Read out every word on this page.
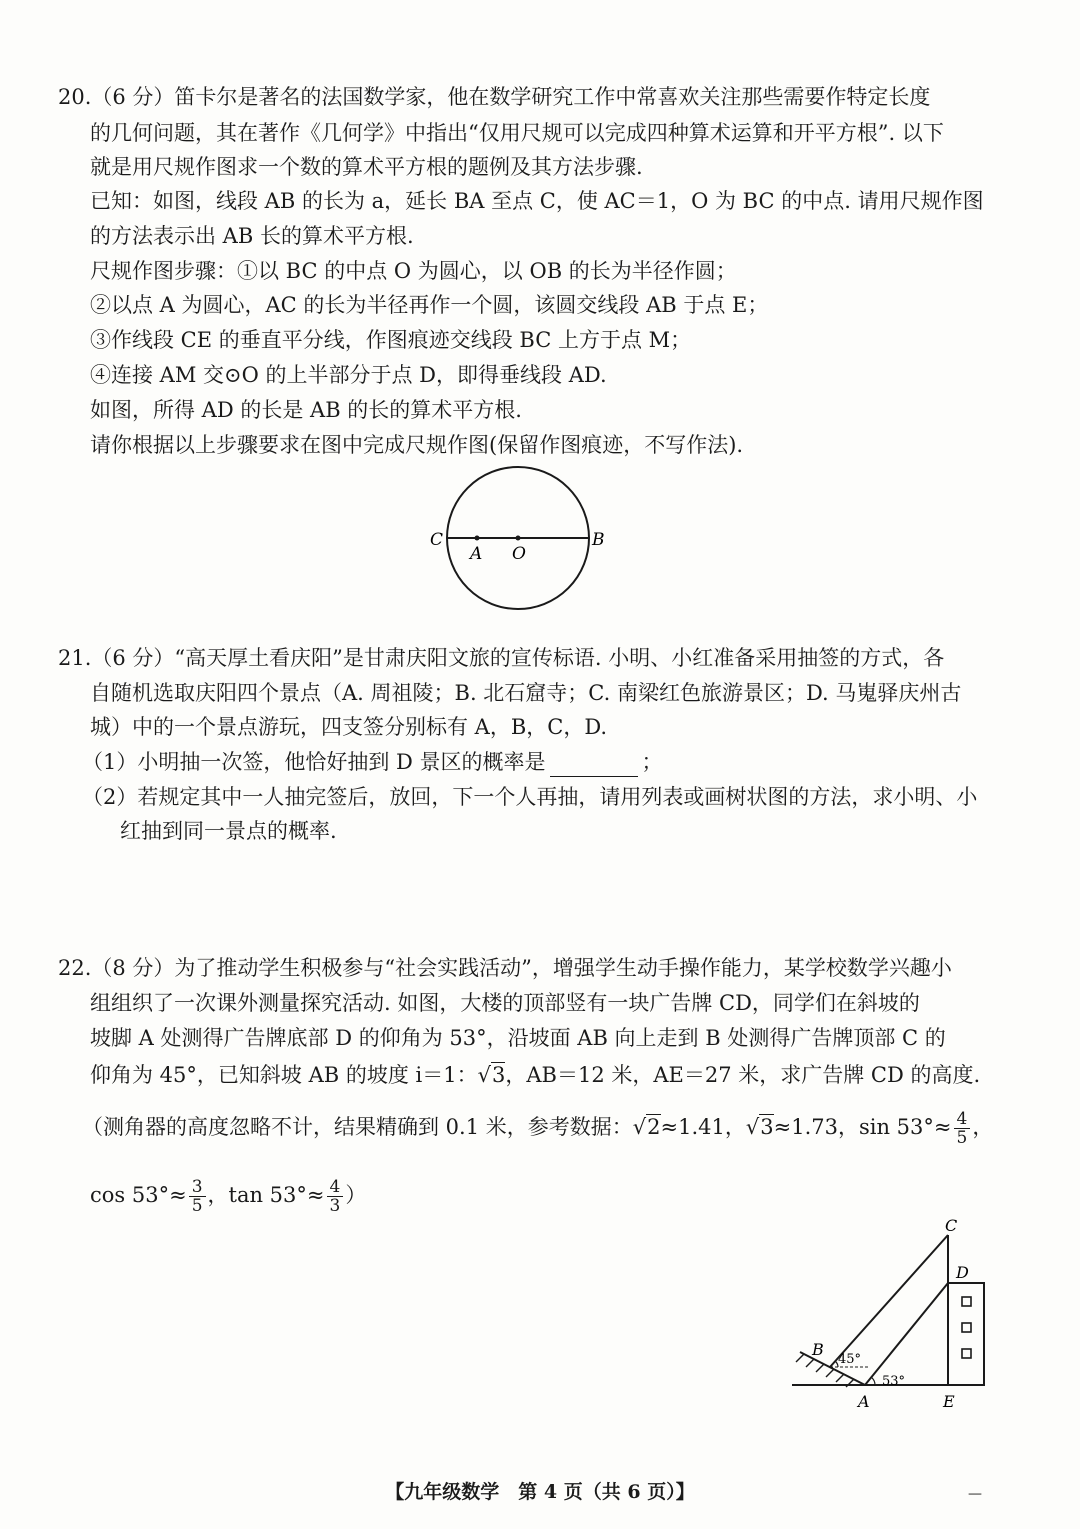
20.（6 分）笛卡尔是著名的法国数学家，他在数学研究工作中常喜欢关注那些需要作特定长度
的几何问题，其在著作《几何学》中指出“仅用尺规可以完成四种算术运算和开平方根”. 以下
就是用尺规作图求一个数的算术平方根的题例及其方法步骤.
已知：如图，线段 AB 的长为 a，延长 BA 至点 C，使 AC＝1，O 为 BC 的中点. 请用尺规作图
的方法表示出 AB 长的算术平方根.
尺规作图步骤：①以 BC 的中点 O 为圆心，以 OB 的长为半径作圆；
②以点 A 为圆心，AC 的长为半径再作一个圆，该圆交线段 AB 于点 E；
③作线段 CE 的垂直平分线，作图痕迹交线段 BC 上方于点 M；
④连接 AM 交⊙O 的上半部分于点 D，即得垂线段 AD.
如图，所得 AD 的长是 AB 的长的算术平方根.
请你根据以上步骤要求在图中完成尺规作图(保留作图痕迹，不写作法).
C
A O
B
21.（6 分）“高天厚土看庆阳”是甘肃庆阳文旅的宣传标语. 小明、小红准备采用抽签的方式，各
自随机选取庆阳四个景点（A. 周祖陵；B. 北石窟寺；C. 南梁红色旅游景区；D. 马嵬驿庆州古
城）中的一个景点游玩，四支签分别标有 A，B，C，D.
（1）小明抽一次签，他恰好抽到 D 景区的概率是	；
（2）若规定其中一人抽完签后，放回，下一个人再抽，请用列表或画树状图的方法，求小明、小
红抽到同一景点的概率.
22.（8 分）为了推动学生积极参与“社会实践活动”，增强学生动手操作能力，某学校数学兴趣小
组组织了一次课外测量探究活动. 如图，大楼的顶部竖有一块广告牌 CD，同学们在斜坡的
坡脚 A 处测得广告牌底部 D 的仰角为 53°，沿坡面 AB 向上走到 B 处测得广告牌顶部 C 的
仰角为 45°，已知斜坡 AB 的坡度 i＝1：√3，AB＝12 米，AE＝27 米，求广告牌 CD 的高度.
（测角器的高度忽略不计，结果精确到 0.1 米，参考数据：√2≈1.41，√3≈1.73，$\sin 53^\circ\approx \frac{4}{5}$ ，
$\cos 53^\circ\approx \frac{3}{5}$ ，$\tan 53^\circ\approx \frac{4}{3}$ ）
C
D
B
45°
53°
A	E
【九年级数学　第 4 页（共 6 页）】	—
